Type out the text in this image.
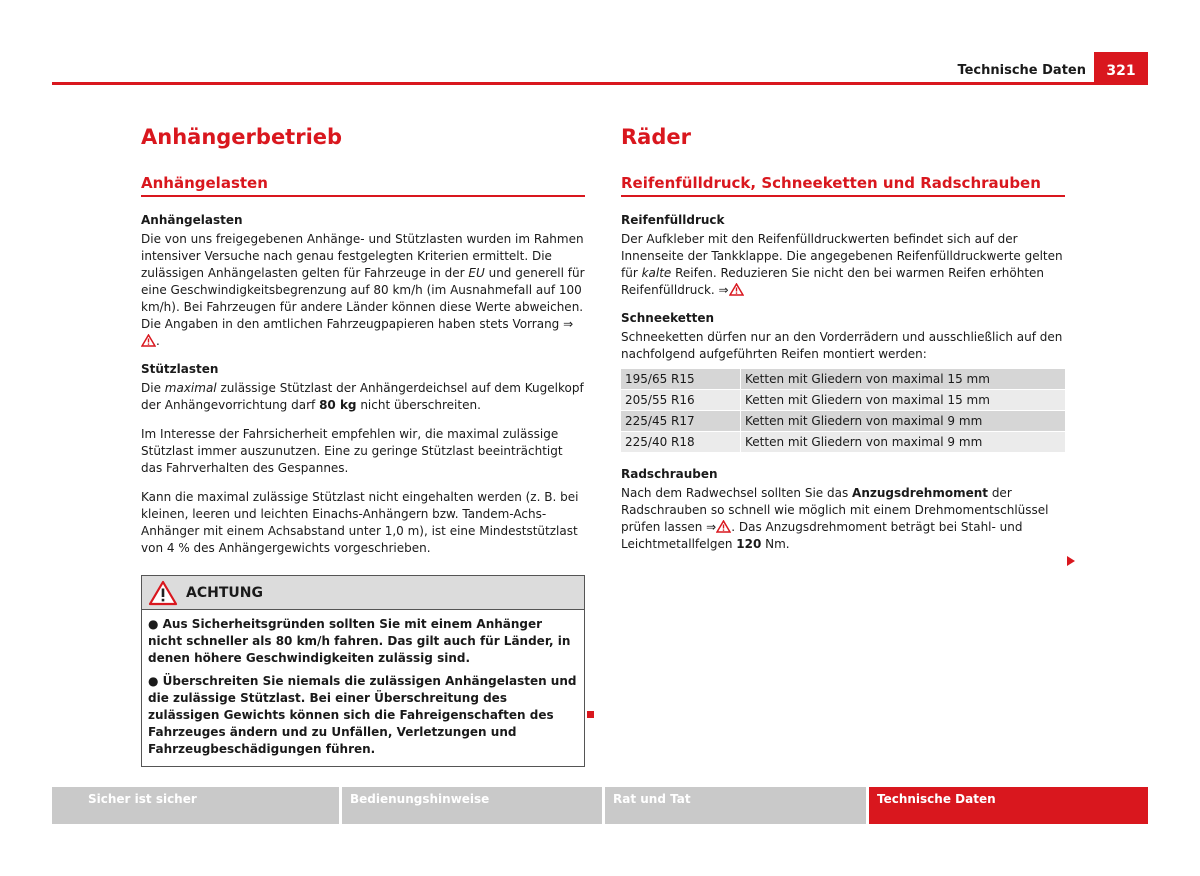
Technische Daten	321
Anhängerbetrieb
Anhängelasten
Anhängelasten

Die von uns freigegebenen Anhänge- und Stützlasten wurden im Rahmen intensiver Versuche nach genau festgelegten Kriterien ermittelt. Die zulässigen Anhängelasten gelten für Fahrzeuge in der EU und generell für eine Geschwindigkeitsbegrenzung auf 80 km/h (im Ausnahmefall auf 100 km/h). Bei Fahrzeugen für andere Länder können diese Werte abweichen. Die Angaben in den amtlichen Fahrzeugpapieren haben stets Vorrang ⇒.

Stützlasten

Die maximal zulässige Stützlast der Anhängerdeichsel auf dem Kugelkopf der Anhängevorrichtung darf 80 kg nicht überschreiten.

Im Interesse der Fahrsicherheit empfehlen wir, die maximal zulässige Stützlast immer auszunutzen. Eine zu geringe Stützlast beeinträchtigt das Fahrverhalten des Gespannes.

Kann die maximal zulässige Stützlast nicht eingehalten werden (z. B. bei kleinen, leeren und leichten Einachs-Anhängern bzw. Tandem-Achs-Anhänger mit einem Achsabstand unter 1,0 m), ist eine Mindeststützlast von 4 % des Anhängergewichts vorgeschrieben.

ACHTUNG

● Aus Sicherheitsgründen sollten Sie mit einem Anhänger nicht schneller als 80 km/h fahren. Das gilt auch für Länder, in denen höhere Geschwindigkeiten zulässig sind.

● Überschreiten Sie niemals die zulässigen Anhängelasten und die zulässige Stützlast. Bei einer Überschreitung des zulässigen Gewichts können sich die Fahreigenschaften des Fahrzeuges ändern und zu Unfällen, Verletzungen und Fahrzeugbeschädigungen führen.

Räder
Reifenfülldruck, Schneeketten und Radschrauben
Reifenfülldruck

Der Aufkleber mit den Reifenfülldruckwerten befindet sich auf der Innenseite der Tankklappe. Die angegebenen Reifenfülldruckwerte gelten für kalte Reifen. Reduzieren Sie nicht den bei warmen Reifen erhöhten Reifenfülldruck. ⇒

Schneeketten

Schneeketten dürfen nur an den Vorderrädern und ausschließlich auf den nachfolgend aufgeführten Reifen montiert werden:

195/65 R15	Ketten mit Gliedern von maximal 15 mm
205/55 R16	Ketten mit Gliedern von maximal 15 mm
225/45 R17	Ketten mit Gliedern von maximal 9 mm
225/40 R18	Ketten mit Gliedern von maximal 9 mm
Radschrauben

Nach dem Radwechsel sollten Sie das Anzugsdrehmoment der Radschrauben so schnell wie möglich mit einem Drehmomentschlüssel prüfen lassen ⇒ . Das Anzugsdrehmoment beträgt bei Stahl- und Leichtmetallfelgen 120 Nm.

Sicher ist sicher	Bedienungshinweise	Rat und Tat	Technische Daten
